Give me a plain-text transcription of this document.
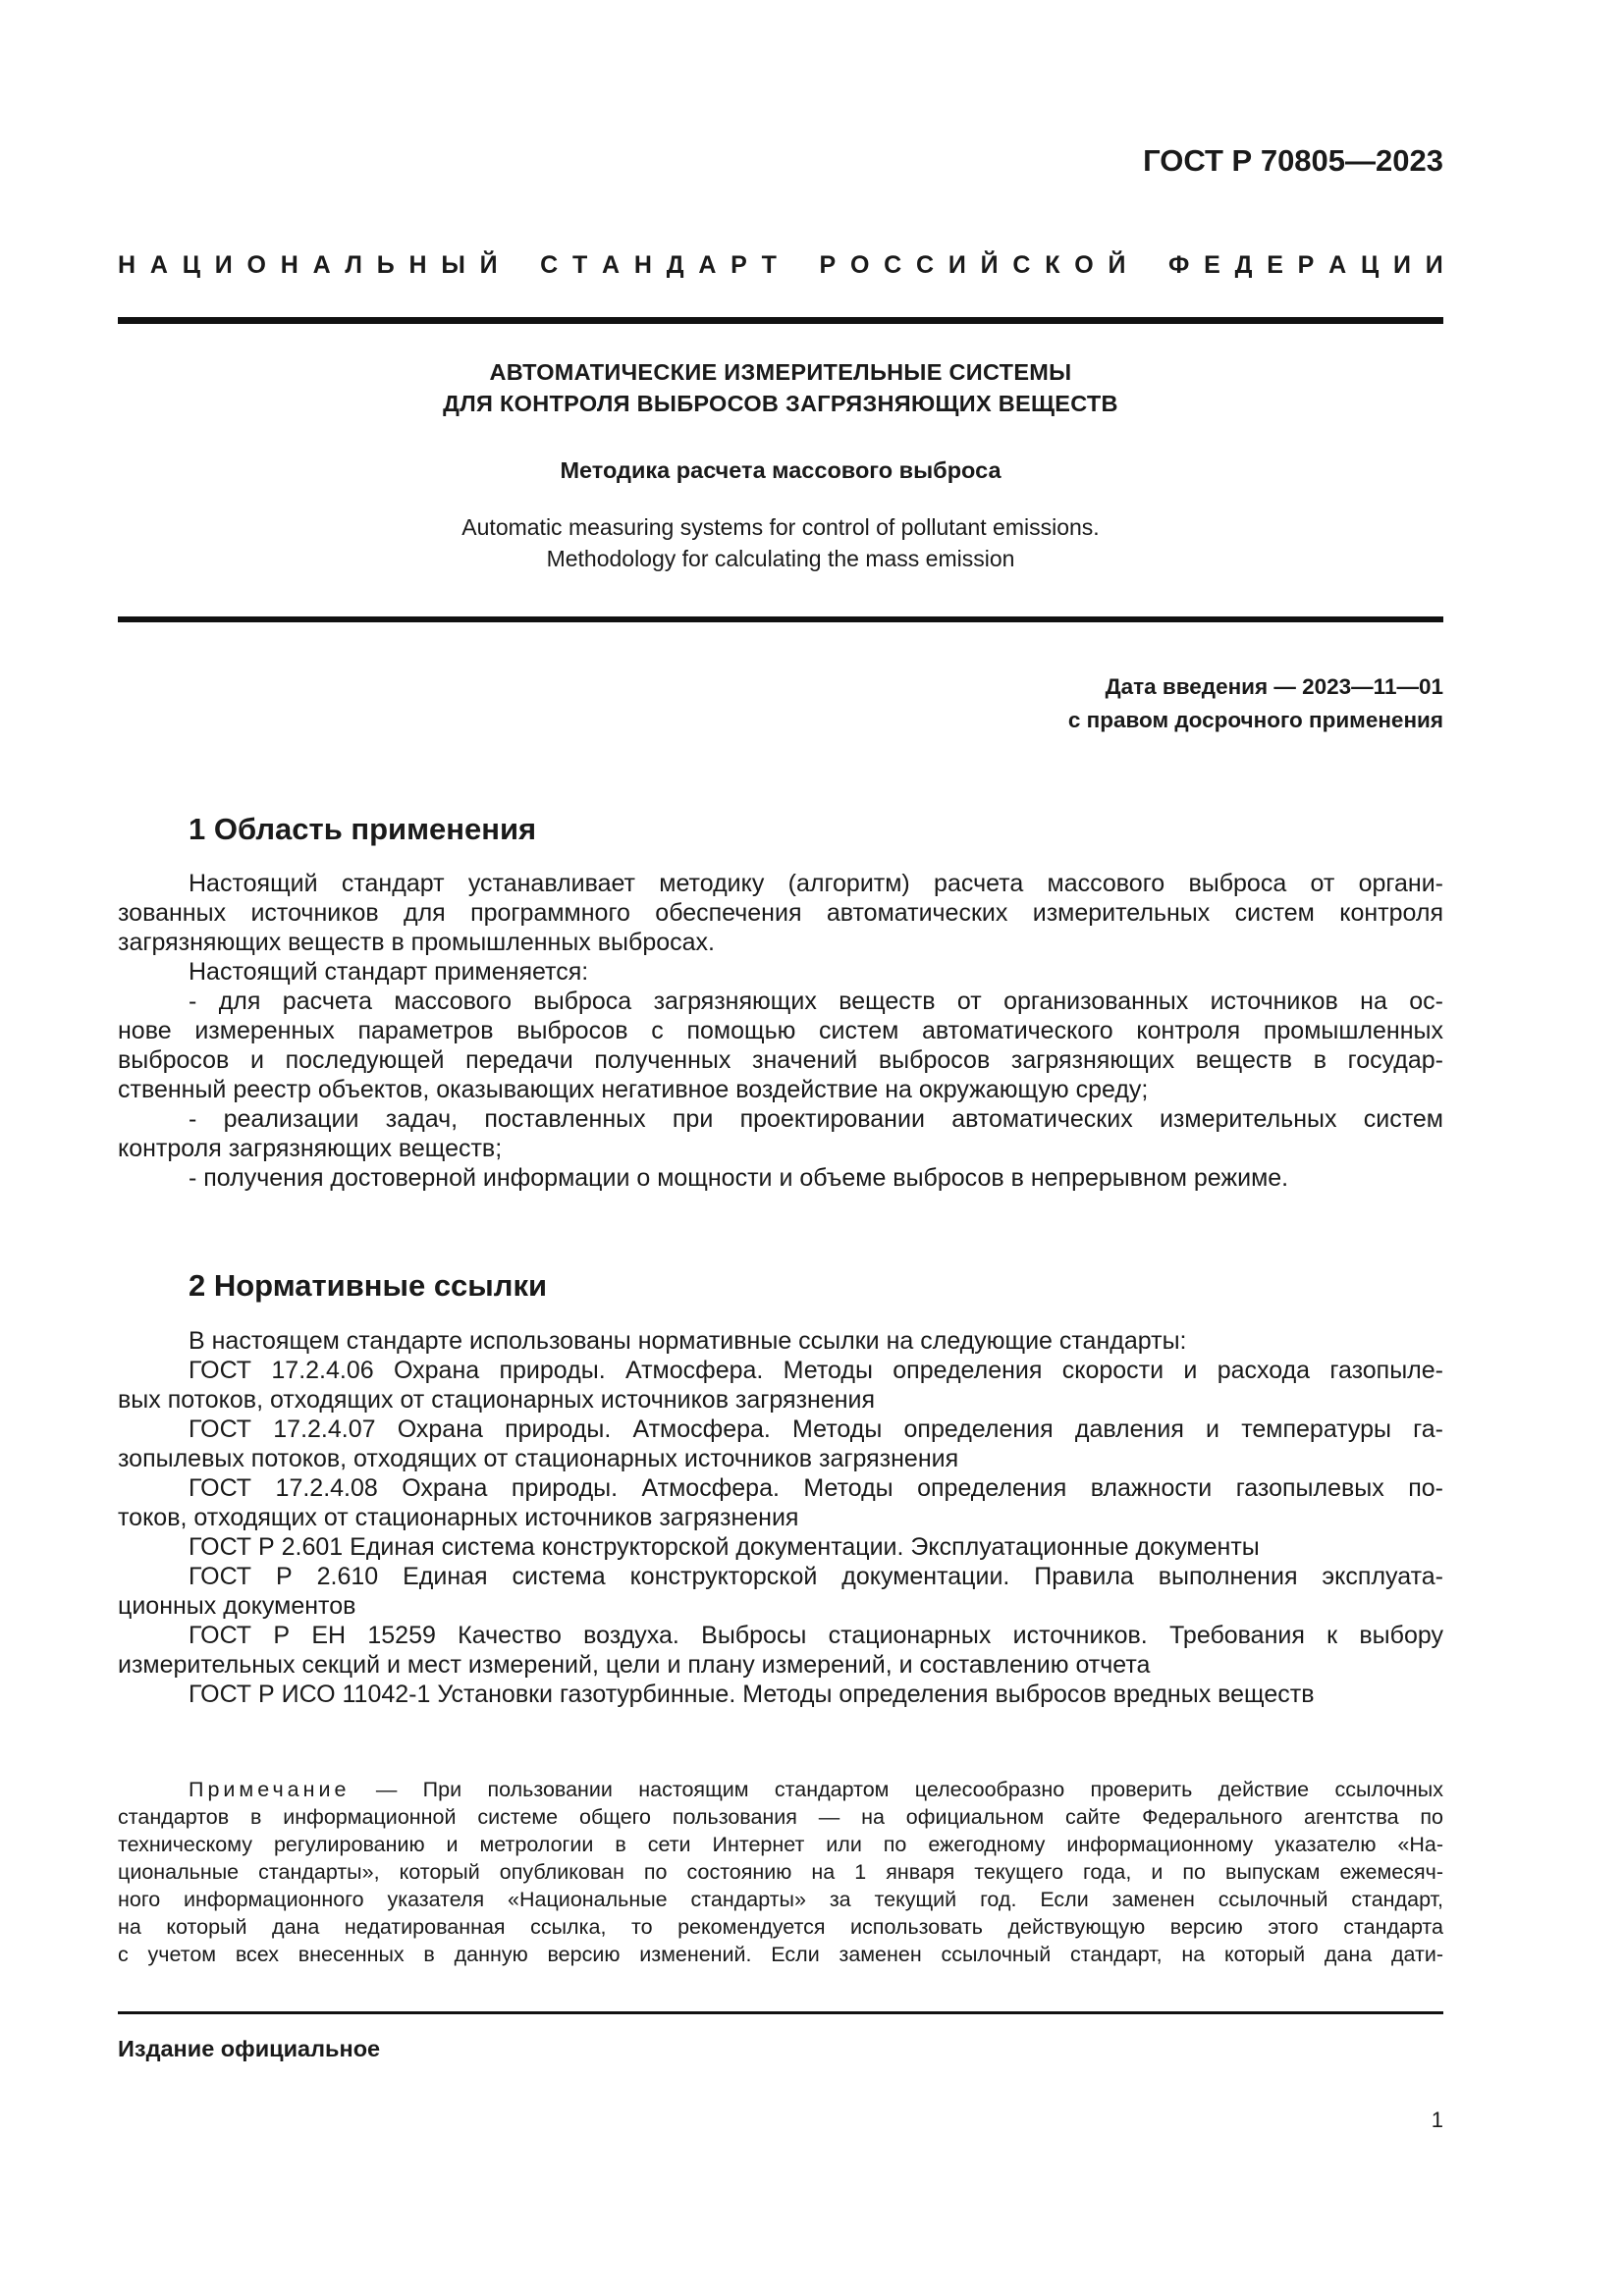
ГОСТ Р 70805—2023
Н А Ц И О Н А Л Ь Н Ы Й С Т А Н Д А Р Т Р О С С И Й С К О Й Ф Е Д Е Р А Ц И И
АВТОМАТИЧЕСКИЕ ИЗМЕРИТЕЛЬНЫЕ СИСТЕМЫ
ДЛЯ КОНТРОЛЯ ВЫБРОСОВ ЗАГРЯЗНЯЮЩИХ ВЕЩЕСТВ
Методика расчета массового выброса
Automatic measuring systems for control of pollutant emissions.
Methodology for calculating the mass emission
Дата введения — 2023—11—01
с правом досрочного применения
1 Область применения
Настоящий стандарт устанавливает методику (алгоритм) расчета массового выброса от органи-
зованных источников для программного обеспечения автоматических измерительных систем контроля
загрязняющих веществ в промышленных выбросах.
Настоящий стандарт применяется:
- для расчета массового выброса загрязняющих веществ от организованных источников на ос-
нове измеренных параметров выбросов с помощью систем автоматического контроля промышленных
выбросов и последующей передачи полученных значений выбросов загрязняющих веществ в государ-
ственный реестр объектов, оказывающих негативное воздействие на окружающую среду;
- реализации задач, поставленных при проектировании автоматических измерительных систем
контроля загрязняющих веществ;
- получения достоверной информации о мощности и объеме выбросов в непрерывном режиме.
2 Нормативные ссылки
В настоящем стандарте использованы нормативные ссылки на следующие стандарты:
ГОСТ 17.2.4.06 Охрана природы. Атмосфера. Методы определения скорости и расхода газопыле-
вых потоков, отходящих от стационарных источников загрязнения
ГОСТ 17.2.4.07 Охрана природы. Атмосфера. Методы определения давления и температуры га-
зопылевых потоков, отходящих от стационарных источников загрязнения
ГОСТ 17.2.4.08 Охрана природы. Атмосфера. Методы определения влажности газопылевых по-
токов, отходящих от стационарных источников загрязнения
ГОСТ Р 2.601 Единая система конструкторской документации. Эксплуатационные документы
ГОСТ Р 2.610 Единая система конструкторской документации. Правила выполнения эксплуата-
ционных документов
ГОСТ Р ЕН 15259 Качество воздуха. Выбросы стационарных источников. Требования к выбору
измерительных секций и мест измерений, цели и плану измерений, и составлению отчета
ГОСТ Р ИСО 11042-1 Установки газотурбинные. Методы определения выбросов вредных веществ
Примечание — При пользовании настоящим стандартом целесообразно проверить действие ссылочных
стандартов в информационной системе общего пользования — на официальном сайте Федерального агентства по
техническому регулированию и метрологии в сети Интернет или по ежегодному информационному указателю «На-
циональные стандарты», который опубликован по состоянию на 1 января текущего года, и по выпускам ежемесяч-
ного информационного указателя «Национальные стандарты» за текущий год. Если заменен ссылочный стандарт,
на который дана недатированная ссылка, то рекомендуется использовать действующую версию этого стандарта
с учетом всех внесенных в данную версию изменений. Если заменен ссылочный стандарт, на который дана дати-
Издание официальное
1
